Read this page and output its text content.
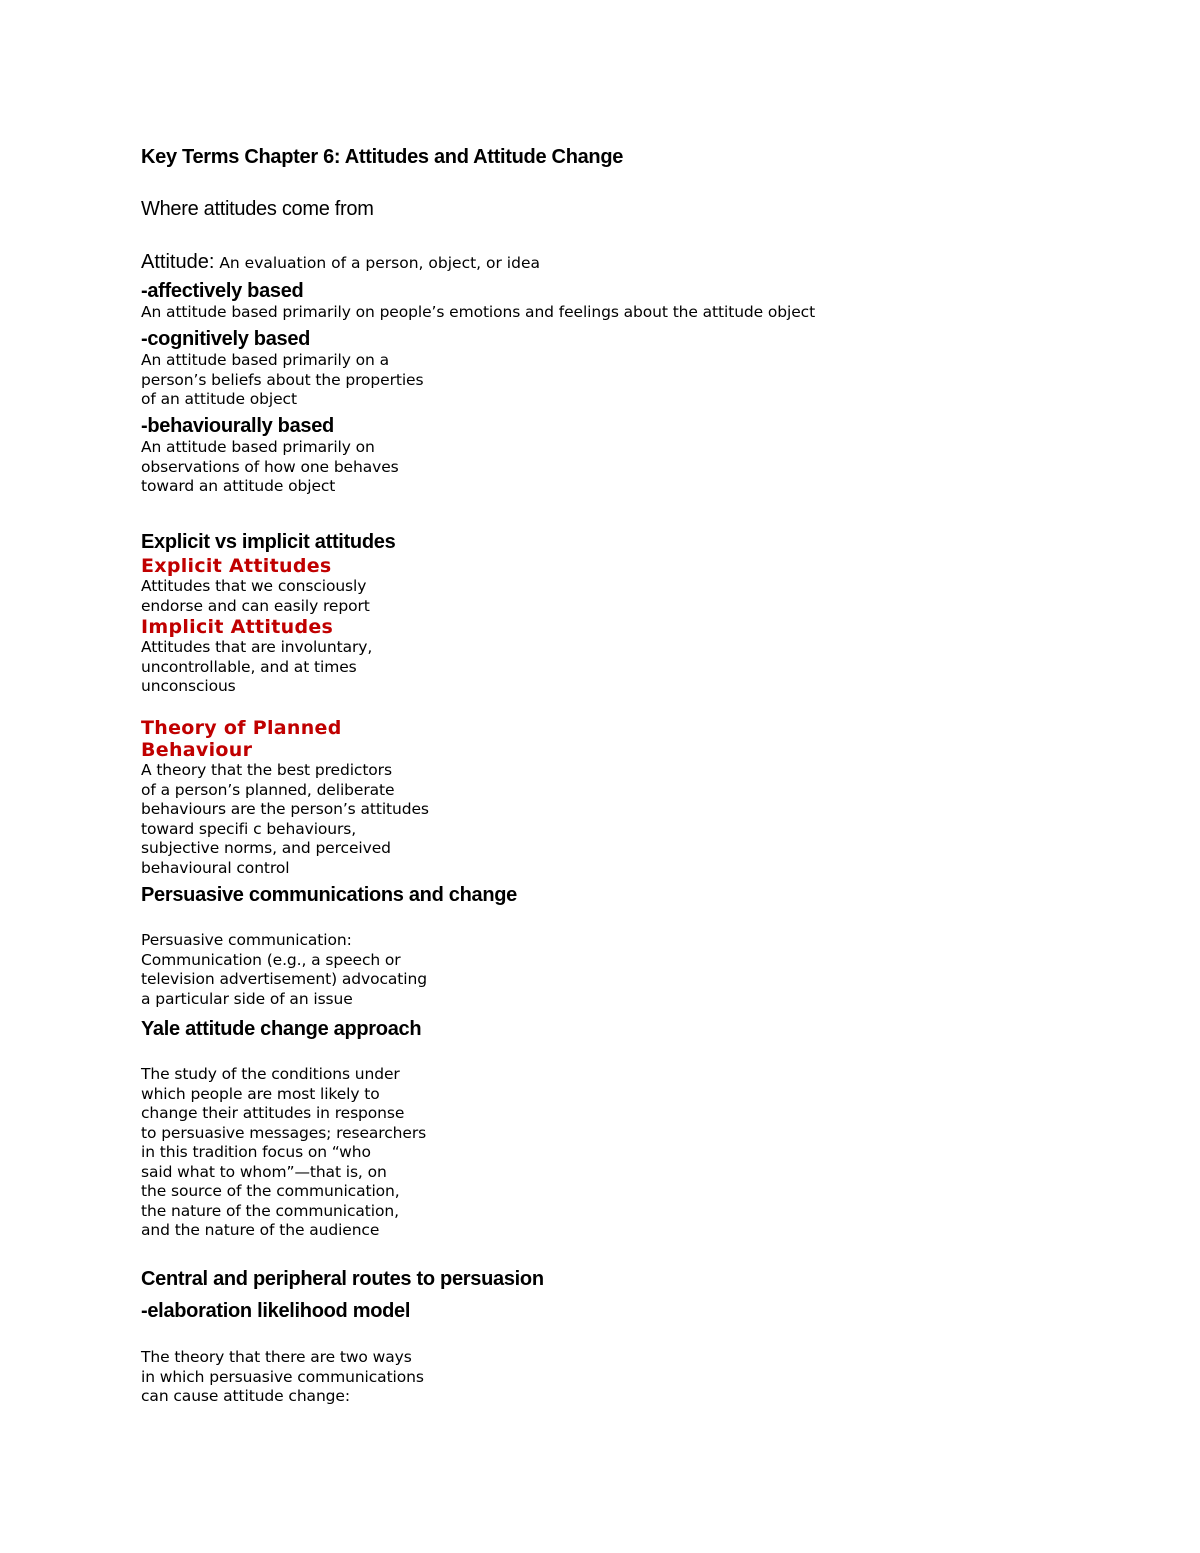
Key Terms Chapter 6: Attitudes and Attitude Change
Where attitudes come from

Attitude: An evaluation of a person, object, or idea

-affectively based

An attitude based primarily on people’s emotions and feelings about the attitude object

-cognitively based

An attitude based primarily on a
person’s beliefs about the properties
of an attitude object

-behaviourally based

An attitude based primarily on
observations of how one behaves
toward an attitude object

Explicit vs implicit attitudes
Explicit Attitudes

Attitudes that we consciously
endorse and can easily report

Implicit Attitudes

Attitudes that are involuntary,
uncontrollable, and at times
unconscious

Theory of Planned
Behaviour

A theory that the best predictors
of a person’s planned, deliberate
behaviours are the person’s attitudes
toward specifi c behaviours,
subjective norms, and perceived
behavioural control

Persuasive communications and change

Persuasive communication:
Communication (e.g., a speech or
television advertisement) advocating
a particular side of an issue

Yale attitude change approach

The study of the conditions under
which people are most likely to
change their attitudes in response
to persuasive messages; researchers
in this tradition focus on “who
said what to whom”—that is, on
the source of the communication,
the nature of the communication,
and the nature of the audience

Central and peripheral routes to persuasion
-elaboration likelihood model

The theory that there are two ways
in which persuasive communications
can cause attitude change:
